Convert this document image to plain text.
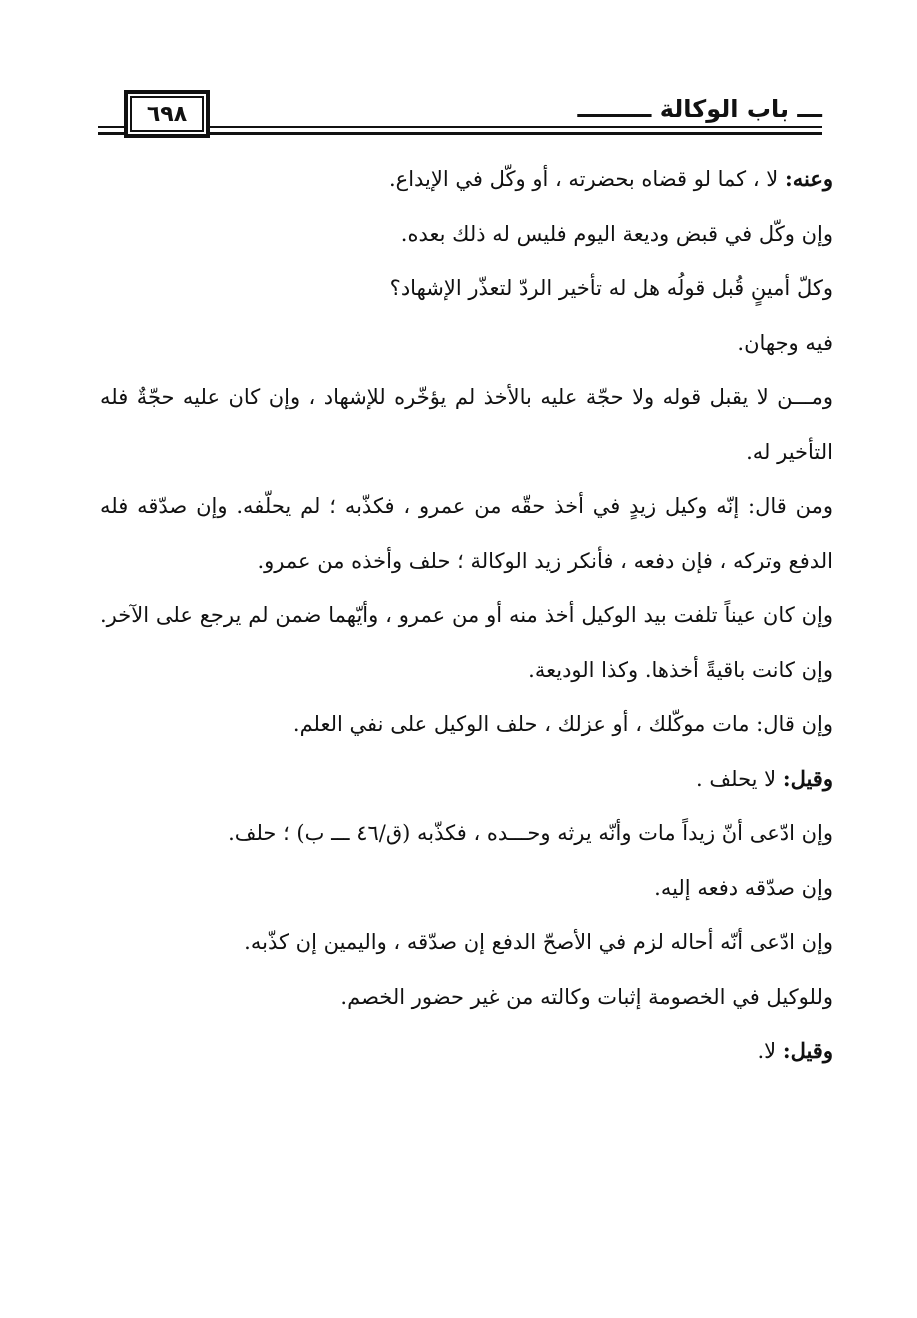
٦٩٨	ـــ باب الوكالة ـــــــــ

وعنه: لا ، كما لو قضاه بحضرته ، أو وكّل في الإيداع.

وإن وكّل في قبض وديعة اليوم فليس له ذلك بعده.

وكلّ أمينٍ قُبل قولُه هل له تأخير الردّ لتعذّر الإشهاد؟

فيه وجهان.

ومـــن لا يقبل قوله ولا حجّة عليه بالأخذ لم يؤخّره للإشهاد ، وإن كان عليه حجّةٌ فله التأخير له.

ومن قال: إنّه وكيل زيدٍ في أخذ حقّه من عمرو ، فكذّبه ؛ لم يحلّفه. وإن صدّقه فله الدفع وتركه ، فإن دفعه ، فأنكر زيد الوكالة ؛ حلف وأخذه من عمرو.

وإن كان عيناً تلفت بيد الوكيل أخذ منه أو من عمرو ، وأيّهما ضمن لم يرجع على الآخر. وإن كانت باقيةً أخذها. وكذا الوديعة.

وإن قال: مات موكّلك ، أو عزلك ، حلف الوكيل على نفي العلم.

وقيل: لا يحلف .

وإن ادّعى أنّ زيداً مات وأنّه يرثه وحـــده ، فكذّبه (ق/٤٦ ـــ ب) ؛ حلف.

وإن صدّقه دفعه إليه.

وإن ادّعى أنّه أحاله لزم في الأصحّ الدفع إن صدّقه ، واليمين إن كذّبه.

وللوكيل في الخصومة إثبات وكالته من غير حضور الخصم.

وقيل: لا.
